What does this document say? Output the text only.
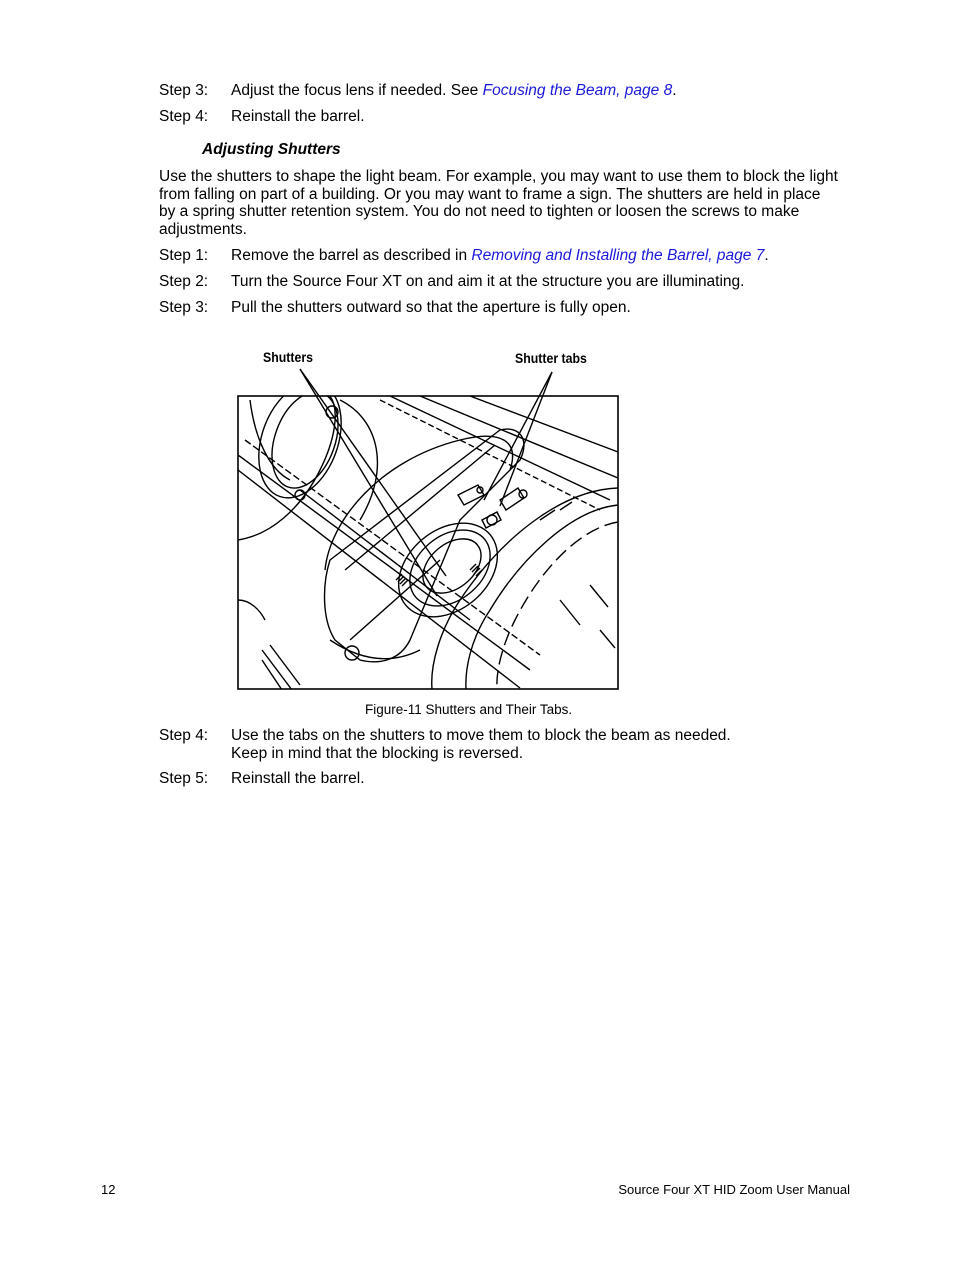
Step 3: Adjust the focus lens if needed. See Focusing the Beam, page 8.
Step 4: Reinstall the barrel.
Adjusting Shutters
Use the shutters to shape the light beam. For example, you may want to use them to block the light
from falling on part of a building. Or you may want to frame a sign. The shutters are held in place
by a spring shutter retention system. You do not need to tighten or loosen the screws to make
adjustments.
Step 1: Remove the barrel as described in Removing and Installing the Barrel, page 7.
Step 2: Turn the Source Four XT on and aim it at the structure you are illuminating.
Step 3: Pull the shutters outward so that the aperture is fully open.
Shutters	Shutter tabs
Figure-11 Shutters and Their Tabs.
Step 4: Use the tabs on the shutters to move them to block the beam as needed.
Keep in mind that the blocking is reversed.
Step 5: Reinstall the barrel.
12	Source Four XT HID Zoom User Manual
